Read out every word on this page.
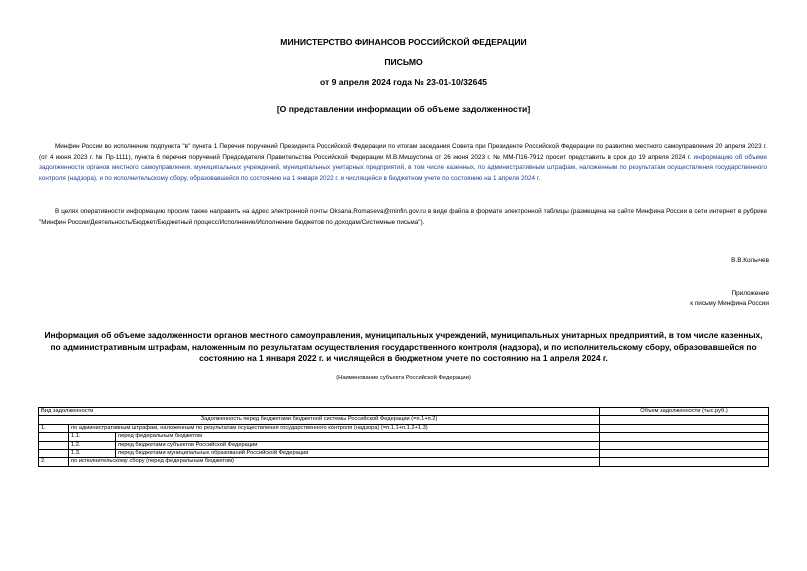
МИНИСТЕРСТВО ФИНАНСОВ РОССИЙСКОЙ ФЕДЕРАЦИИ
ПИСЬМО
от 9 апреля 2024 года № 23-01-10/32645
[О представлении информации об объеме задолженности]
Минфин России во исполнение подпункта "в" пункта 1 Перечня поручений Президента Российской Федерации по итогам заседания Совета при Президенте Российской Федерации по развитию местного самоуправления 20 апреля 2023 г. (от 4 июня 2023 г. № Пр-1111), пункта 6 перечня поручений Председателя Правительства Российской Федерации М.В.Мишустина от 26 июня 2023 г. № ММ-П16-7912 просит представить в срок до 19 апреля 2024 г. информацию об объеме задолженности органов местного самоуправления, муниципальных учреждений, муниципальных унитарных предприятий, в том числе казенных, по административным штрафам, наложенным по результатам осуществления государственного контроля (надзора), и по исполнительскому сбору, образовавшейся по состоянию на 1 января 2022 г. и числящейся в бюджетном учете по состоянию на 1 апреля 2024 г.
В целях оперативности информацию просим также направить на адрес электронной почты Oksana.Romaseva@minfin.gov.ru в виде файла в формате электронной таблицы (размещена на сайте Минфина России в сети интернет в рубрике "Минфин России/Деятельность/Бюджет/Бюджетный процесс/Исполнение/Исполнение бюджетов по доходам/Системные письма").
В.В.Колычев
Приложение
к письму Минфина России
Информация об объеме задолженности органов местного самоуправления, муниципальных учреждений, муниципальных унитарных предприятий, в том числе казенных, по административным штрафам, наложенным по результатам осуществления государственного контроля (надзора), и по исполнительскому сбору, образовавшейся по состоянию на 1 января 2022 г. и числящейся в бюджетном учете по состоянию на 1 апреля 2024 г.
(Наименование субъекта Российской Федерации)
Вид задолженности			Объем задолженности (тыс.руб.)
Задолженность перед бюджетами бюджетной системы Российской Федерации (=п.1+п.2)			
1.	по административным штрафам, наложенным по результатам осуществления государственного контроля (надзора) (=п.1.1+п.1.2+1.3)		
	1.1.	перед федеральным бюджетом	
	1.2.	перед бюджетами субъектов Российской Федерации	
	1.3.	перед бюджетами муниципальных образований Российской Федерации	
2.	по исполнительскому сбору (перед федеральным бюджетом)		
